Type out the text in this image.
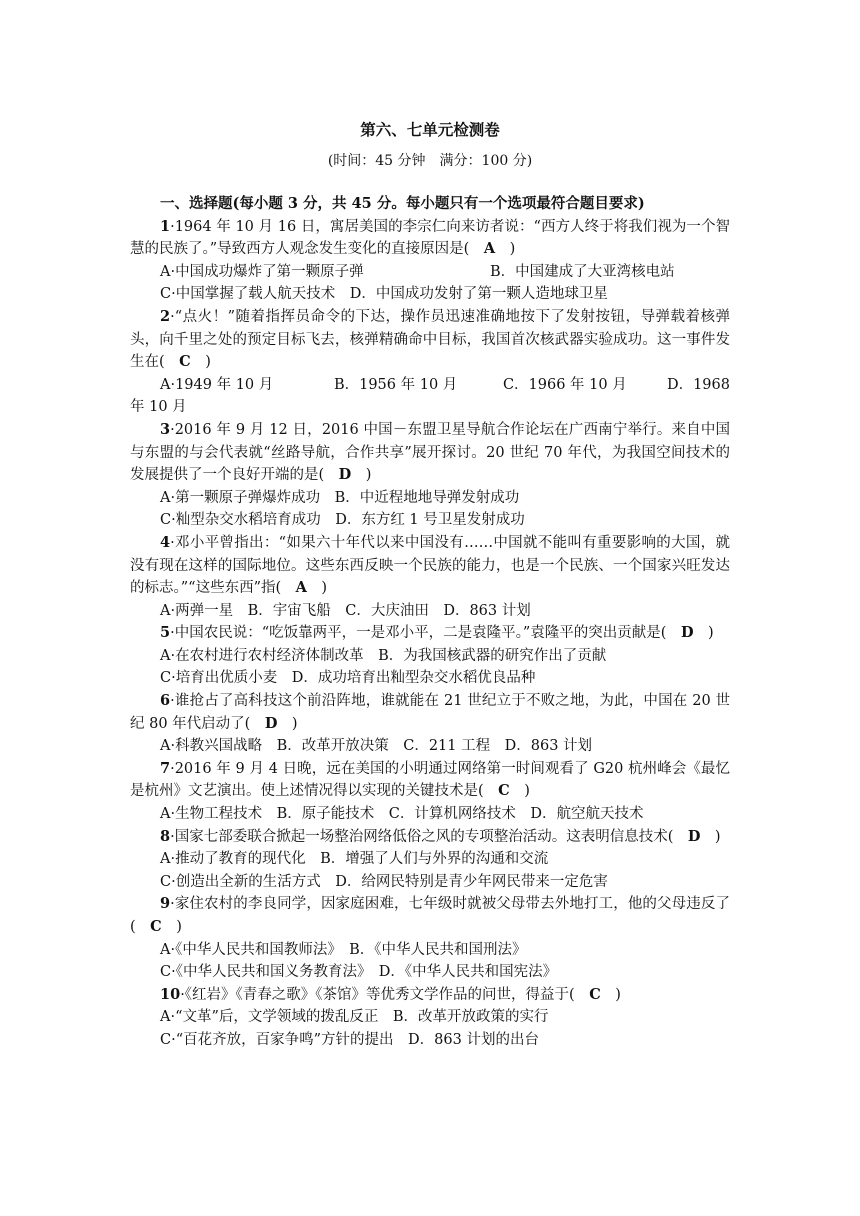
第六、七单元检测卷
(时间：45 分钟　满分：100 分)
一、选择题(每小题 3 分，共 45 分。每小题只有一个选项最符合题目要求)
1·1964 年 10 月 16 日，寓居美国的李宗仁向来访者说：“西方人终于将我们视为一个智慧的民族了。”导致西方人观念发生变化的直接原因是(　A　)
A·中国成功爆炸了第一颗原子弹	B．中国建成了大亚湾核电站
C·中国掌握了载人航天技术　D．中国成功发射了第一颗人造地球卫星
2·“点火！”随着指挥员命令的下达，操作员迅速准确地按下了发射按钮，导弹载着核弹头，向千里之处的预定目标飞去，核弹精确命中目标，我国首次核武器实验成功。这一事件发生在(　C　)
A·1949 年 10 月	B．1956 年 10 月	C．1966 年 10 月	D．1968
年 10 月
3·2016 年 9 月 12 日，2016 中国－东盟卫星导航合作论坛在广西南宁举行。来自中国与东盟的与会代表就“丝路导航，合作共享”展开探讨。20 世纪 70 年代，为我国空间技术的发展提供了一个良好开端的是(　D　)
A·第一颗原子弹爆炸成功　B．中近程地地导弹发射成功
C·籼型杂交水稻培育成功　D．东方红 1 号卫星发射成功
4·邓小平曾指出：“如果六十年代以来中国没有……中国就不能叫有重要影响的大国，就没有现在这样的国际地位。这些东西反映一个民族的能力，也是一个民族、一个国家兴旺发达的标志。”“这些东西”指(　A　)
A·两弹一星　B．宇宙飞船　C．大庆油田　D．863 计划
5·中国农民说：“吃饭靠两平，一是邓小平，二是袁隆平。”袁隆平的突出贡献是(　D　)
A·在农村进行农村经济体制改革　B．为我国核武器的研究作出了贡献
C·培育出优质小麦　D．成功培育出籼型杂交水稻优良品种
6·谁抢占了高科技这个前沿阵地，谁就能在 21 世纪立于不败之地，为此，中国在 20 世纪 80 年代启动了(　D　)
A·科教兴国战略　B．改革开放决策　C．211 工程　D．863 计划
7·2016 年 9 月 4 日晚，远在美国的小明通过网络第一时间观看了 G20 杭州峰会《最忆是杭州》文艺演出。使上述情况得以实现的关键技术是(　C　)
A·生物工程技术　B．原子能技术　C．计算机网络技术　D．航空航天技术
8·国家七部委联合掀起一场整治网络低俗之风的专项整治活动。这表明信息技术(　D　)
A·推动了教育的现代化　B．增强了人们与外界的沟通和交流
C·创造出全新的生活方式　D．给网民特别是青少年网民带来一定危害
9·家住农村的李良同学，因家庭困难，七年级时就被父母带去外地打工，他的父母违反了(　C　)
A·《中华人民共和国教师法》　B．《中华人民共和国刑法》
C·《中华人民共和国义务教育法》　D．《中华人民共和国宪法》
10·《红岩》《青春之歌》《茶馆》等优秀文学作品的问世，得益于(　C　)
A·“文革”后，文学领域的拨乱反正　B．改革开放政策的实行
C·“百花齐放，百家争鸣”方针的提出　D．863 计划的出台
